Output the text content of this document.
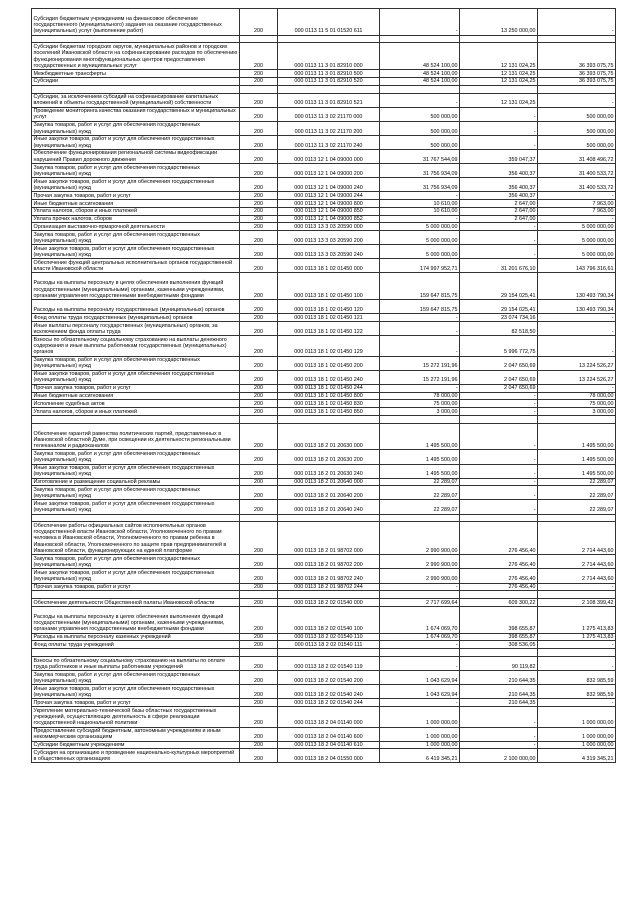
Субсидия бюджетным учреждениям на финансовое обеспечение государственного (муниципального) задания на оказание государственных (муниципальных) услуг (выполнение работ)	200	000 0113 11 5 01 01520 611	-	13 250 000,00	-

Субсидии бюджетам городских округов, муниципальных районов и городских поселений Ивановской области на софинансирование расходов по обеспечению функционирования многофункциональных центров предоставления государственных и муниципальных услуг	200	000 0113 11 3 01 82910 000	48 524 100,00	12 131 024,25	36 393 075,75
Межбюджетные трансферты	200	000 0113 11 3 01 82910 500	48 524 100,00	12 131 024,25	36 393 075,75
Субсидии	200	000 0113 11 3 01 82910 520	48 524 100,00	12 131 024,25	36 393 075,75

Субсидии, за исключением субсидий на софинансирование капитальных вложений в объекты государственной (муниципальной) собственности	200	000 0113 11 3 01 82910 521	-	12 131 024,25	-
Проведение мониторинга качества оказания государственных и муниципальных услуг	200	000 0113 11 3 02 21170 000	500 000,00	-	500 000,00
Закупка товаров, работ и услуг для обеспечения государственных (муниципальных) нужд	200	000 0113 11 3 02 21170 200	500 000,00	-	500 000,00
Иные закупки товаров, работ и услуг для обеспечения государственных (муниципальных) нужд	200	000 0113 11 3 02 21170 240	500 000,00	-	500 000,00
Обеспечение функционирования региональной системы видеофиксации нарушений Правил дорожного движения	200	000 0113 12 1 04 09000 000	31 767 544,09	359 047,37	31 408 496,72
Закупка товаров, работ и услуг для обеспечения государственных (муниципальных) нужд	200	000 0113 12 1 04 09000 200	31 756 934,09	356 400,37	31 400 533,72
Иные закупки товаров, работ и услуг для обеспечения государственных (муниципальных) нужд	200	000 0113 12 1 04 09000 240	31 756 934,09	356 400,37	31 400 533,72
Прочая закупка товаров, работ и услуг	200	000 0113 12 1 04 09000 244	-	356 400,37	-
Иные бюджетные ассигнования	200	000 0113 12 1 04 09000 800	10 610,00	2 647,00	7 963,00
Уплата налогов, сборов и иных платежей	200	000 0113 12 1 04 09000 850	10 610,00	2 647,00	7 963,00
Уплата прочих налогов, сборов	200	000 0113 12 1 04 09000 852	-	2 647,00	-
Организация выставочно-ярмарочной деятельности	200	000 0113 13 3 03 20590 000	5 000 000,00	-	5 000 000,00
Закупка товаров, работ и услуг для обеспечения государственных (муниципальных) нужд	200	000 0113 13 3 03 20590 200	5 000 000,00	-	5 000 000,00
Иные закупки товаров, работ и услуг для обеспечения государственных (муниципальных) нужд	200	000 0113 13 3 03 20590 240	5 000 000,00	-	5 000 000,00
Обеспечение функций центральных исполнительных органов государственной власти Ивановской области	200	000 0113 18 1 02 01450 000	174 997 952,71	31 201 676,10	143 796 316,61
Расходы на выплаты персоналу в целях обеспечения выполнения функций государственными (муниципальными) органами, казенными учреждениями, органами управления государственными внебюджетными фондами	200	000 0113 18 1 02 01450 100	159 647 815,75	29 154 025,41	130 493 790,34
Расходы на выплаты персоналу государственных (муниципальных) органов	200	000 0113 18 1 02 01450 120	159 647 815,75	29 154 025,41	130 493 790,34
Фонд оплаты труда государственных (муниципальных) органов	200	000 0113 18 1 02 01450 121	-	23 074 734,16	-
Иные выплаты персоналу государственных (муниципальных) органов, за исключением фонда оплаты труда	200	000 0113 18 1 02 01450 122	-	82 518,50	-
Взносы по обязательному социальному страхованию на выплаты денежного содержания и иные выплаты работникам государственных (муниципальных) органов	200	000 0113 18 1 02 01450 129	-	5 996 772,75	-
Закупка товаров, работ и услуг для обеспечения государственных (муниципальных) нужд	200	000 0113 18 1 02 01450 200	15 272 191,96	2 047 650,69	13 224 526,27
Иные закупки товаров, работ и услуг для обеспечения государственных (муниципальных) нужд	200	000 0113 18 1 02 01450 240	15 272 191,96	2 047 650,69	13 224 526,27
Прочая закупка товаров, работ и услуг	200	000 0113 18 1 02 01450 244	-	2 047 650,69	-
Иные бюджетные ассигнования	200	000 0113 18 1 02 01450 800	78 000,00	-	78 000,00
Исполнение судебных актов	200	000 0113 18 1 02 01450 830	75 000,00	-	75 000,00
Уплата налогов, сборов и иных платежей	200	000 0113 18 1 02 01450 850	3 000,00	-	3 000,00

Обеспечение гарантий равенства политических партий, представленных в Ивановской областной Думе, при освещении их деятельности региональными телеканалом и радиоканалом	200	000 0113 18 2 01 20630 000	1 495 500,00	-	1 495 500,00
Закупка товаров, работ и услуг для обеспечения государственных (муниципальных) нужд	200	000 0113 18 2 01 20630 200	1 495 500,00	-	1 495 500,00
Иные закупки товаров, работ и услуг для обеспечения государственных (муниципальных) нужд	200	000 0113 18 2 01 20630 240	1 495 500,00	-	1 495 500,00
Изготовление и размещение социальной рекламы	200	000 0113 18 2 01 20640 000	22 289,07	-	22 289,07
Закупка товаров, работ и услуг для обеспечения государственных (муниципальных) нужд	200	000 0113 18 2 01 20640 200	22 289,07	-	22 289,07
Иные закупки товаров, работ и услуг для обеспечения государственных (муниципальных) нужд	200	000 0113 18 2 01 20640 240	22 289,07	-	22 289,07

Обеспечение работы официальных сайтов исполнительных органов государственной власти Ивановской области, Уполномоченного по правам человека в Ивановской области, Уполномоченного по правам ребенка в Ивановской области, Уполномоченного по защите прав предпринимателей в Ивановской области, функционирующих на единой платформе	200	000 0113 18 2 01 98702 000	2 990 900,00	276 456,40	2 714 443,60
Закупка товаров, работ и услуг для обеспечения государственных (муниципальных) нужд	200	000 0113 18 2 01 98702 200	2 990 900,00	276 456,40	2 714 443,60
Иные закупки товаров, работ и услуг для обеспечения государственных (муниципальных) нужд	200	000 0113 18 2 01 98702 240	2 990 900,00	276 456,40	2 714 443,60
Прочая закупка товаров, работ и услуг	200	000 0113 18 2 01 98702 244	-	276 456,40	-

Обеспечение деятельности Общественной палаты Ивановской области	200	000 0113 18 2 02 01540 000	2 717 699,64	609 300,22	2 108 399,42
Расходы на выплаты персоналу в целях обеспечения выполнения функций государственными (муниципальными) органами, казенными учреждениями, органами управления государственными внебюджетными фондами	200	000 0113 18 2 02 01540 100	1 674 069,70	398 655,87	1 275 413,83
Расходы на выплаты персоналу казенных учреждений	200	000 0113 18 2 02 01540 110	1 674 069,70	398 655,87	1 275 413,83
Фонд оплаты труда учреждений	200	000 0113 18 2 02 01540 111	-	308 536,05	-

Взносы по обязательному социальному страхованию на выплаты по оплате труда работников и иные выплаты работникам учреждений	200	000 0113 18 2 02 01540 119	-	90 119,82	-
Закупка товаров, работ и услуг для обеспечения государственных (муниципальных) нужд	200	000 0113 18 2 02 01540 200	1 043 629,94	210 644,35	832 985,59
Иные закупки товаров, работ и услуг для обеспечения государственных (муниципальных) нужд	200	000 0113 18 2 02 01540 240	1 043 629,94	210 644,35	832 985,59
Прочая закупка товаров, работ и услуг	200	000 0113 18 2 02 01540 244	-	210 644,35	-
Укрепление материально-технической базы областных государственных учреждений, осуществляющих деятельность в сфере реализации государственной национальной политики	200	000 0113 18 2 04 01140 000	1 000 000,00	-	1 000 000,00
Предоставление субсидий бюджетным, автономным учреждениям и иным некоммерческим организациям	200	000 0113 18 2 04 01140 600	1 000 000,00	-	1 000 000,00
Субсидии бюджетным учреждениям	200	000 0113 18 2 04 01140 610	1 000 000,00	-	1 000 000,00
Субсидия на организацию и проведение национально-культурных мероприятий в общественных организациях	200	000 0113 18 2 04 01550 000	6 419 345,21	2 100 000,00	4 319 345,21
